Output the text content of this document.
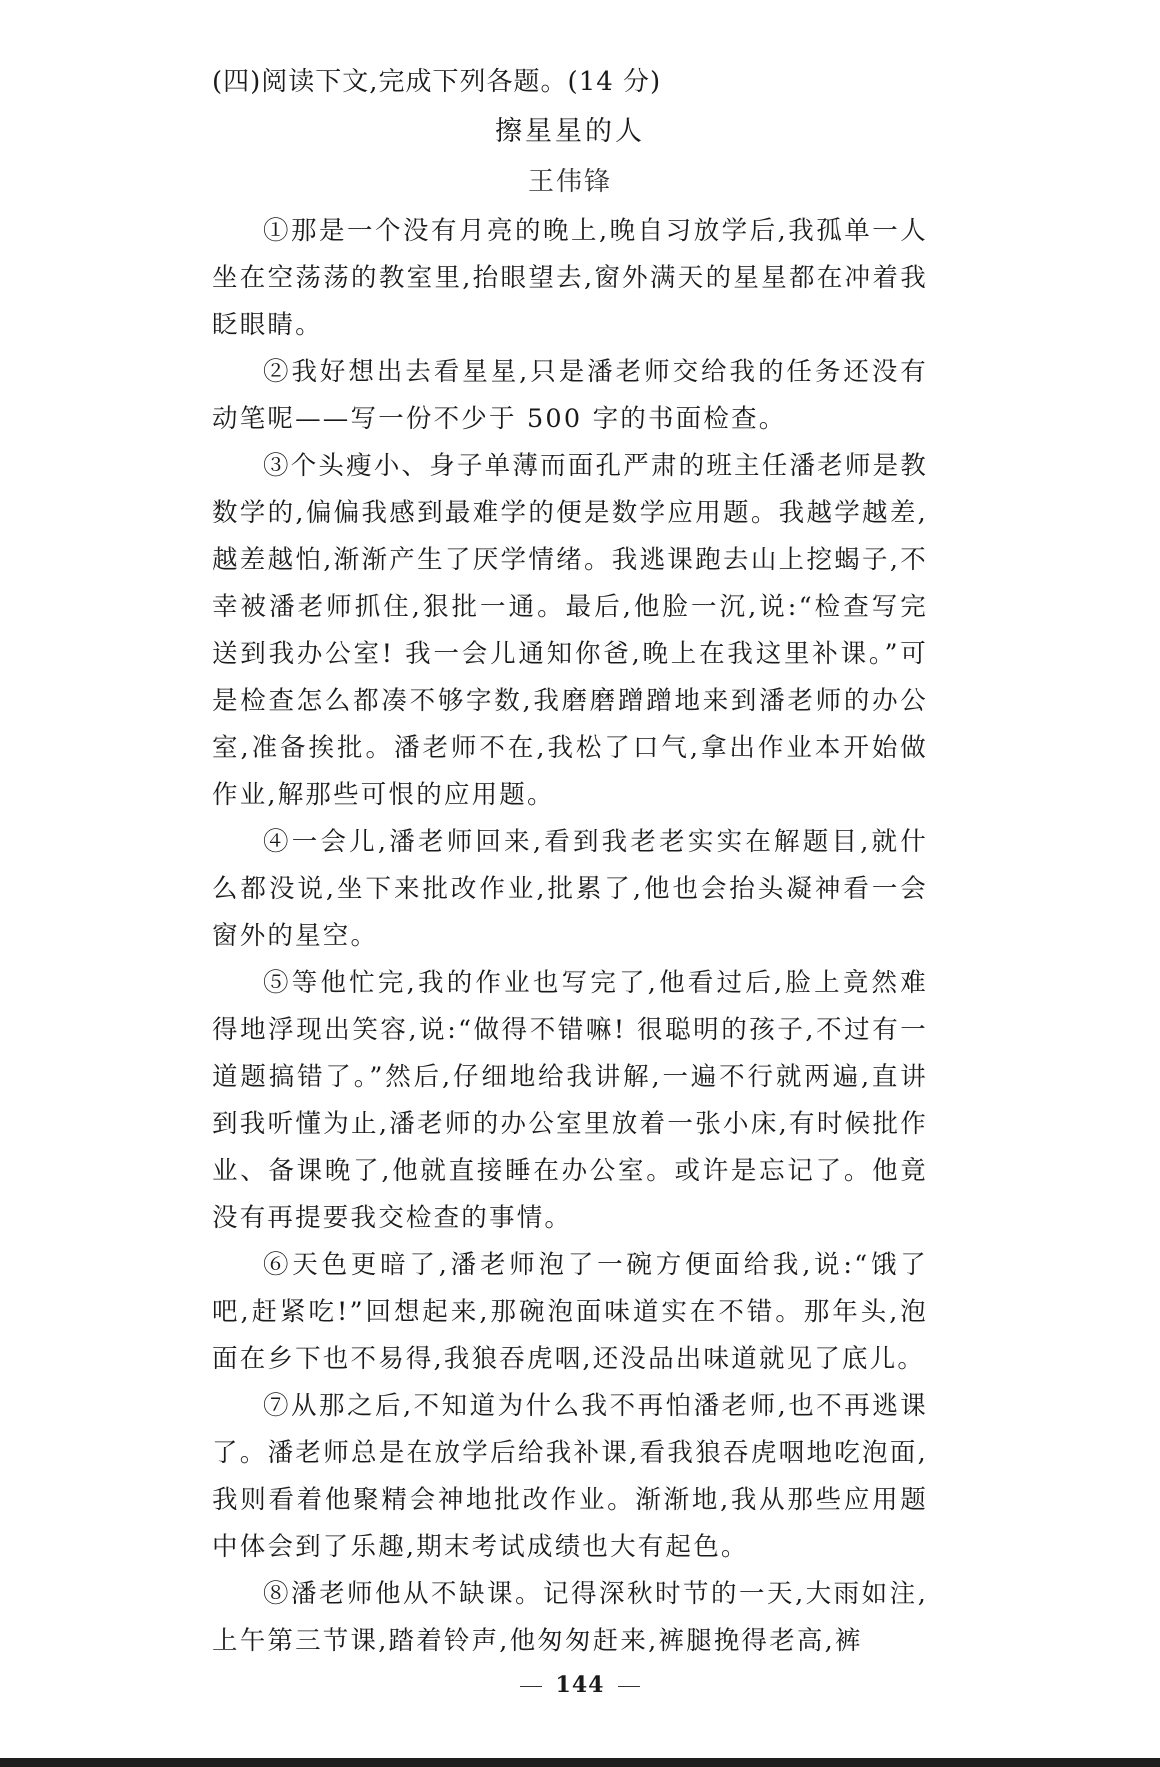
(四)阅读下文,完成下列各题。(14 分)

擦星星的人

王伟锋

①那是一个没有月亮的晚上,晚自习放学后,我孤单一人坐在空荡荡的教室里,抬眼望去,窗外满天的星星都在冲着我眨眼睛。

②我好想出去看星星,只是潘老师交给我的任务还没有动笔呢——写一份不少于 500 字的书面检查。

③个头瘦小、身子单薄而面孔严肃的班主任潘老师是教数学的,偏偏我感到最难学的便是数学应用题。我越学越差,越差越怕,渐渐产生了厌学情绪。我逃课跑去山上挖蝎子,不幸被潘老师抓住,狠批一通。最后,他脸一沉,说:“检查写完送到我办公室! 我一会儿通知你爸,晚上在我这里补课。”可是检查怎么都凑不够字数,我磨磨蹭蹭地来到潘老师的办公室,准备挨批。潘老师不在,我松了口气,拿出作业本开始做作业,解那些可恨的应用题。

④一会儿,潘老师回来,看到我老老实实在解题目,就什么都没说,坐下来批改作业,批累了,他也会抬头凝神看一会窗外的星空。

⑤等他忙完,我的作业也写完了,他看过后,脸上竟然难得地浮现出笑容,说:“做得不错嘛! 很聪明的孩子,不过有一道题搞错了。”然后,仔细地给我讲解,一遍不行就两遍,直讲到我听懂为止,潘老师的办公室里放着一张小床,有时候批作业、备课晚了,他就直接睡在办公室。或许是忘记了。他竟没有再提要我交检查的事情。

⑥天色更暗了,潘老师泡了一碗方便面给我,说:“饿了吧,赶紧吃!”回想起来,那碗泡面味道实在不错。那年头,泡面在乡下也不易得,我狼吞虎咽,还没品出味道就见了底儿。

⑦从那之后,不知道为什么我不再怕潘老师,也不再逃课了。潘老师总是在放学后给我补课,看我狼吞虎咽地吃泡面,我则看着他聚精会神地批改作业。渐渐地,我从那些应用题中体会到了乐趣,期末考试成绩也大有起色。

⑧潘老师他从不缺课。记得深秋时节的一天,大雨如注,上午第三节课,踏着铃声,他匆匆赶来,裤腿挽得老高,裤

144
